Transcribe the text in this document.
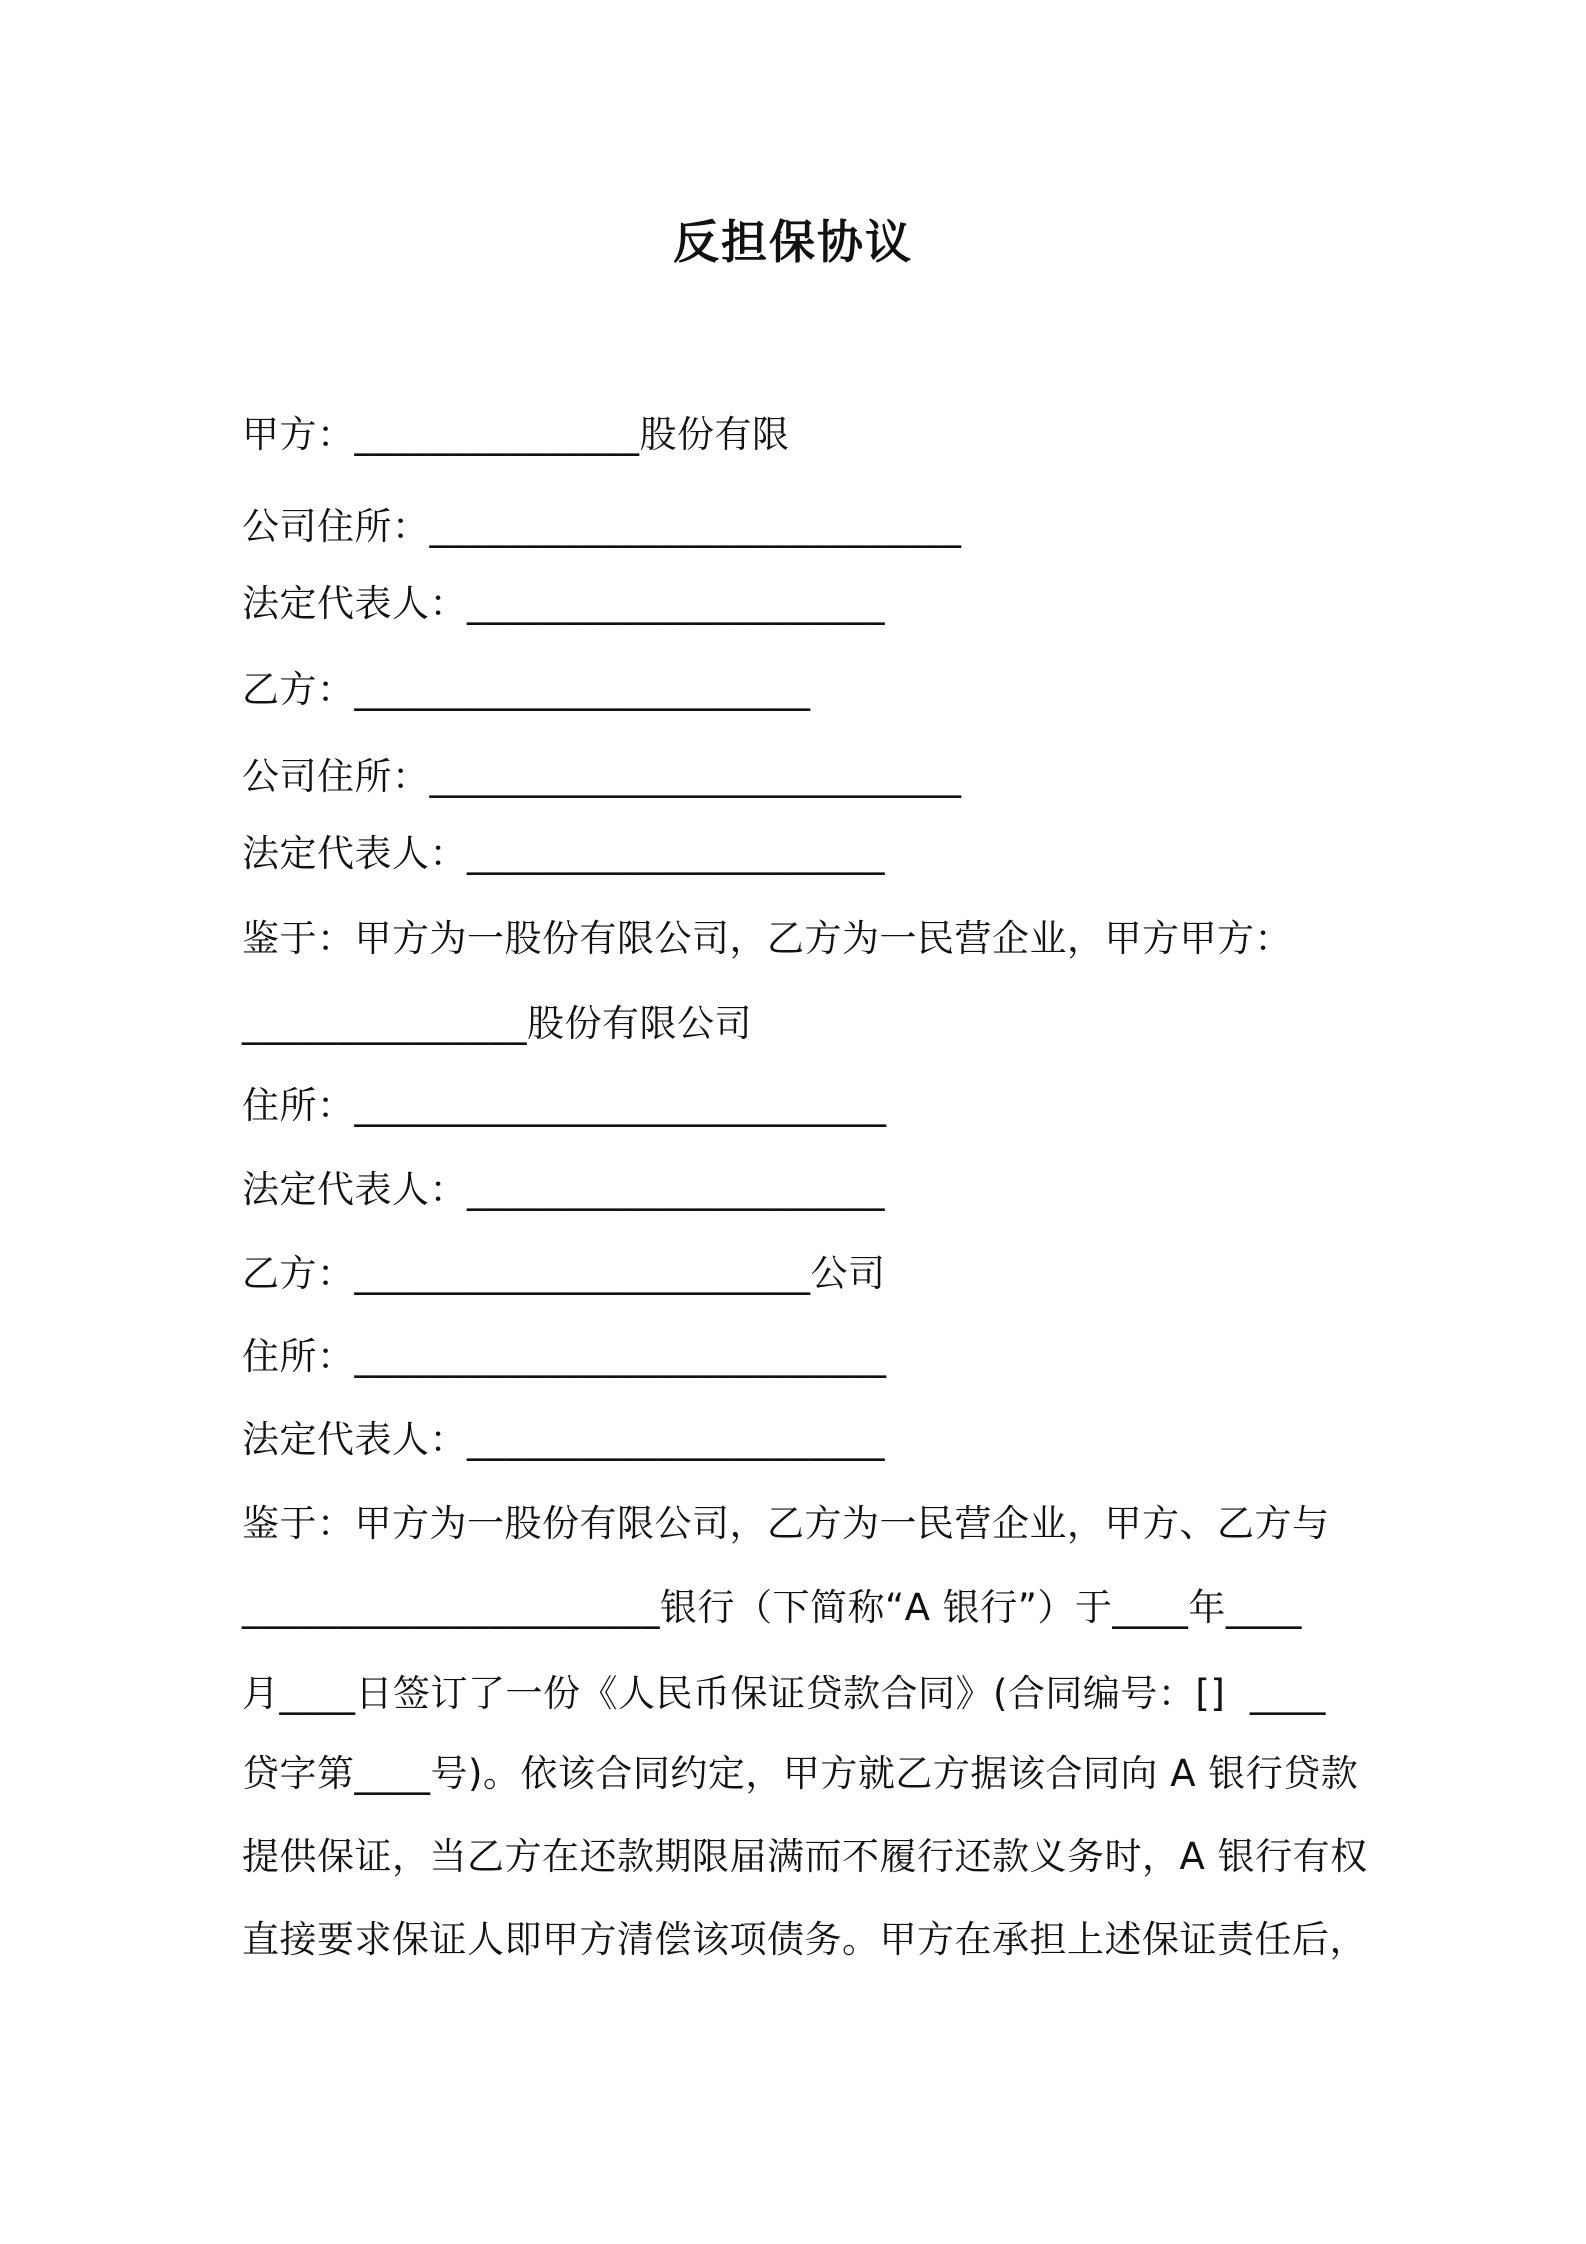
反担保协议
甲方：_______________股份有限
公司住所：____________________________
法定代表人：______________________
乙方：________________________
公司住所：____________________________
法定代表人：______________________
鉴于：甲方为一股份有限公司，乙方为一民营企业，甲方甲方：
_______________股份有限公司
住所：____________________________
法定代表人：______________________
乙方：________________________公司
住所：____________________________
法定代表人：______________________
鉴于：甲方为一股份有限公司，乙方为一民营企业，甲方、乙方与
______________________银行（下简称“A 银行”）于____年____
月____日签订了一份《人民币保证贷款合同》(合同编号：[]  ____
贷字第____号)。依该合同约定，甲方就乙方据该合同向 A 银行贷款
提供保证，当乙方在还款期限届满而不履行还款义务时，A 银行有权
直接要求保证人即甲方清偿该项债务。甲方在承担上述保证责任后，
